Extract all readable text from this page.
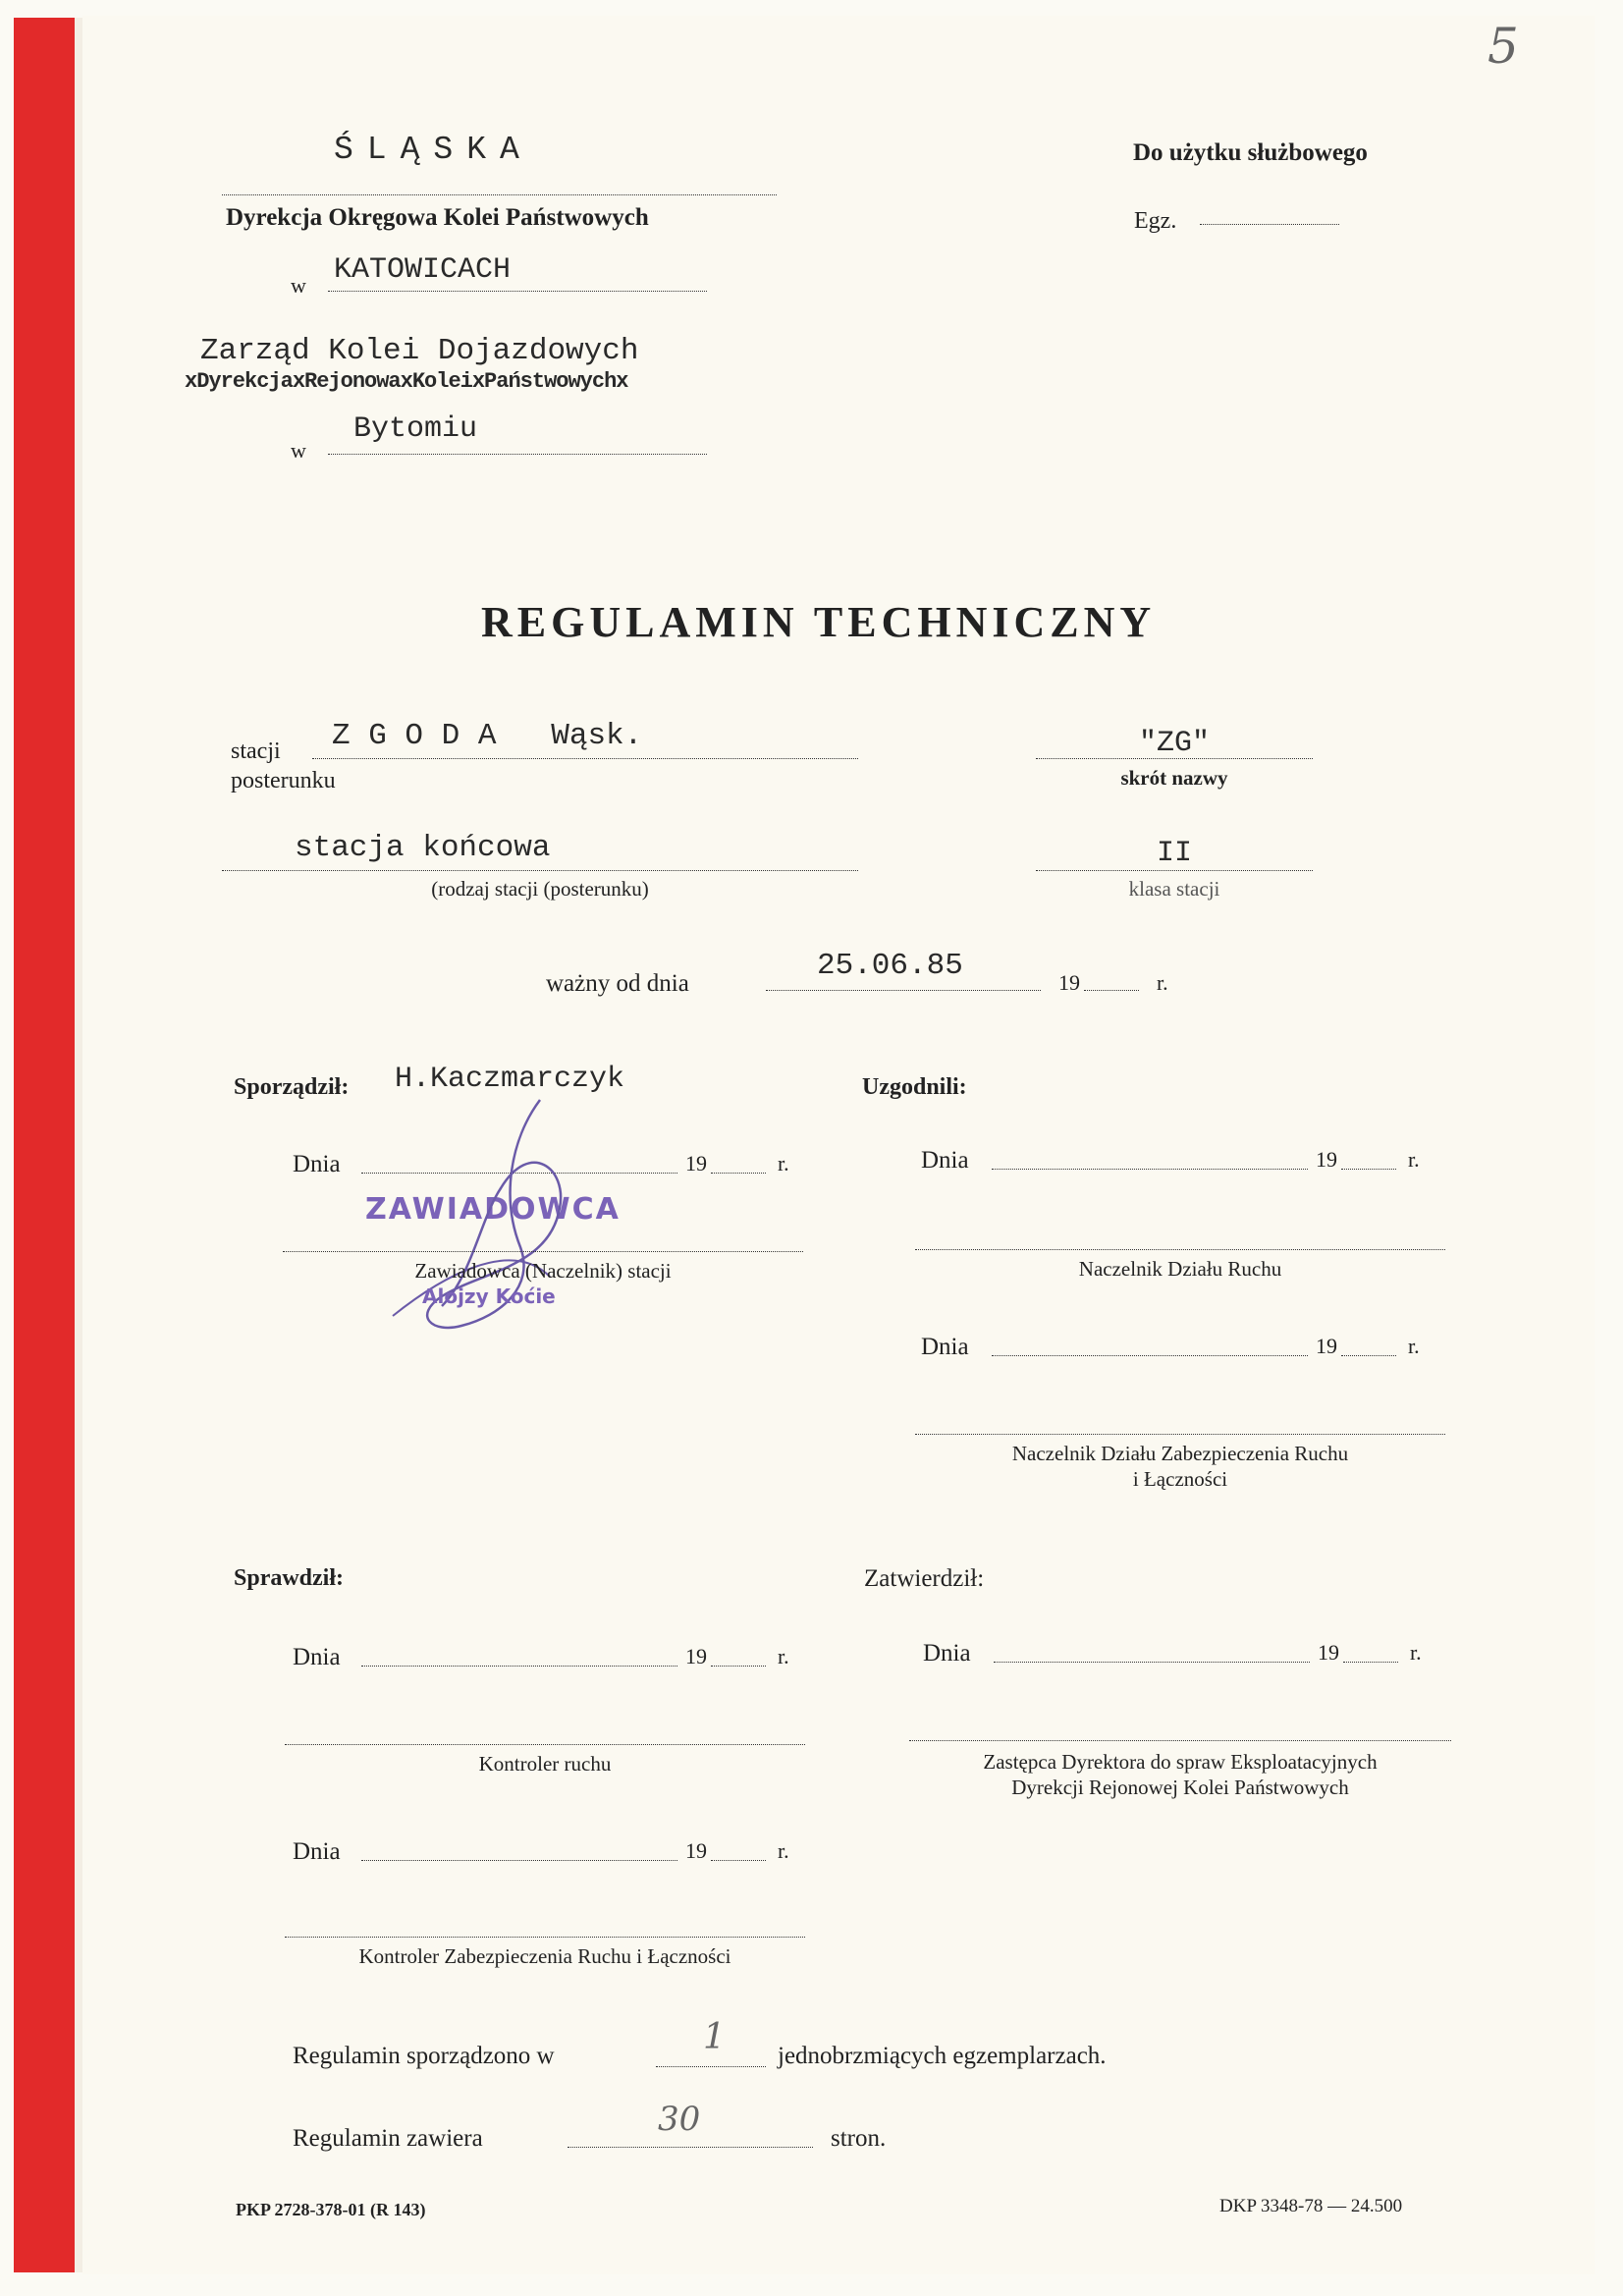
5
ŚLĄSKA
Dyrekcja Okręgowa Kolei Państwowych
w KATOWICACH
Zarząd Kolei Dojazdowych
xDyrekcjaxRejonowaxKoleixPaństwowychx
w
Bytomiu
Do użytku służbowego
Egz.
REGULAMIN TECHNICZNY
stacji
posterunku
Z G O D A   Wąsk.	"ZG"
skrót nazwy
stacja końcowa
(rodzaj stacji (posterunku)
II
klasa stacji
ważny od dnia
25.06.85	19	r.
Sporządził: H.Kaczmarczyk
Dnia	19	r.
ZAWIADOWCA
Zawiadowca (Naczelnik) stacji
Alojzy Koćie
Uzgodnili:
Dnia	19	r.
Naczelnik Działu Ruchu
Dnia	19	r.
Naczelnik Działu Zabezpieczenia Ruchu
i Łączności
Sprawdził:
Dnia	19	r.
Kontroler ruchu
Dnia	19	r.
Kontroler Zabezpieczenia Ruchu i Łączności
Zatwierdził:
Dnia	19	r.
Zastępca Dyrektora do spraw Eksploatacyjnych
Dyrekcji Rejonowej Kolei Państwowych
Regulamin sporządzono w	1 jednobrzmiących egzemplarzach.
Regulamin zawiera	30	stron.
PKP 2728-378-01 (R 143)	DKP 3348-78 — 24.500
